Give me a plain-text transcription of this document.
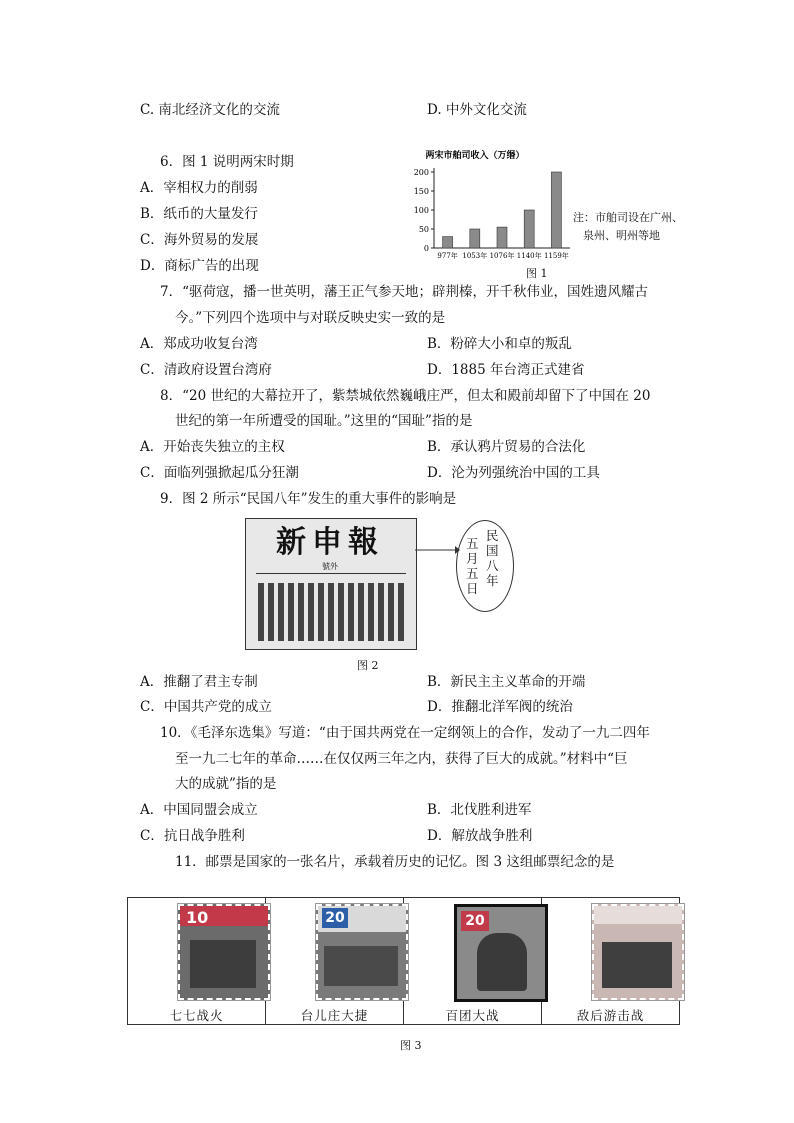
C. 南北经济文化的交流	D. 中外文化交流
6．图 1 说明两宋时期
A．宰相权力的削弱
B．纸币的大量发行
C．海外贸易的发展
D．商标广告的出现
两宋市舶司收入（万缗）
0
50
100
150
200
977年 1053年 1076年 1140年 1159年
注：市舶司设在广州、
泉州、明州等地
图 1
7．“驱荷寇，播一世英明，藩王正气参天地；辟荆榛，开千秋伟业，国姓遗风耀古
今。”下列四个选项中与对联反映史实一致的是
A．郑成功收复台湾	B．粉碎大小和卓的叛乱
C．清政府设置台湾府	D．1885 年台湾正式建省
8．“20 世纪的大幕拉开了，紫禁城依然巍峨庄严，但太和殿前却留下了中国在 20
世纪的第一年所遭受的国耻。”这里的“国耻”指的是
A．开始丧失独立的主权	B．承认鸦片贸易的合法化
C．面临列强掀起瓜分狂潮	D．沦为列强统治中国的工具
9．图 2 所示“民国八年”发生的重大事件的影响是
新申報
號外
民国八年
五月五日
图 2
A．推翻了君主专制	B．新民主主义革命的开端
C．中国共产党的成立	D．推翻北洋军阀的统治
10．《毛泽东选集》写道：“由于国共两党在一定纲领上的合作，发动了一九二四年
至一九二七年的革命……在仅仅两三年之内，获得了巨大的成就。”材料中“巨
大的成就”指的是
A．中国同盟会成立	B．北伐胜利进军
C．抗日战争胜利	D．解放战争胜利
11．邮票是国家的一张名片，承载着历史的记忆。图 3 这组邮票纪念的是
10
七七战火
20
台儿庄大捷
20
百团大战	敌后游击战
图 3
